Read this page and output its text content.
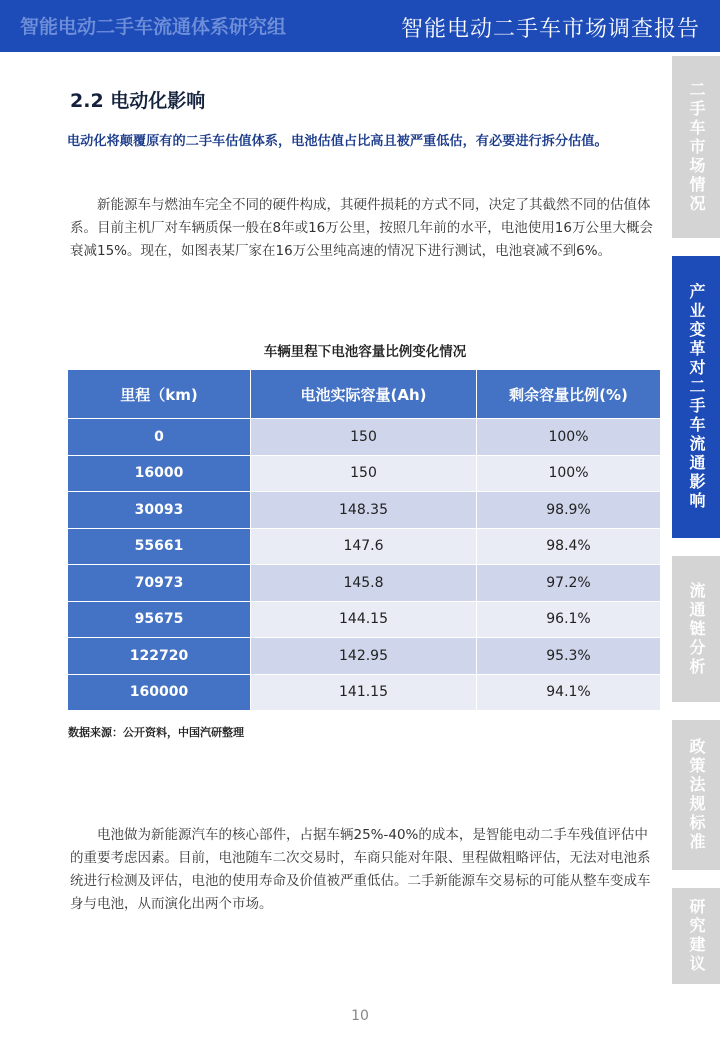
智能电动二手车流通体系研究组	智能电动二手车市场调查报告
二手车市场情况
产业变革对二手车流通影响
流通链分析
政策法规标准
研究建议
2.2 电动化影响
电动化将颠覆原有的二手车估值体系，电池估值占比高且被严重低估，有必要进行拆分估值。

新能源车与燃油车完全不同的硬件构成，其硬件损耗的方式不同，决定了其截然不同的估值体系。目前主机厂对车辆质保一般在8年或16万公里，按照几年前的水平，电池使用16万公里大概会衰减15%。现在，如图表某厂家在16万公里纯高速的情况下进行测试，电池衰减不到6%。

车辆里程下电池容量比例变化情况
里程（km)	电池实际容量(Ah)	剩余容量比例(%)
0	150	100%
16000	150	100%
30093	148.35	98.9%
55661	147.6	98.4%
70973	145.8	97.2%
95675	144.15	96.1%
122720	142.95	95.3%
160000	141.15	94.1%
数据来源：公开资料，中国汽研整理

电池做为新能源汽车的核心部件，占据车辆25%-40%的成本，是智能电动二手车残值评估中的重要考虑因素。目前，电池随车二次交易时，车商只能对年限、里程做粗略评估，无法对电池系统进行检测及评估，电池的使用寿命及价值被严重低估。二手新能源车交易标的可能从整车变成车身与电池，从而演化出两个市场。

10
